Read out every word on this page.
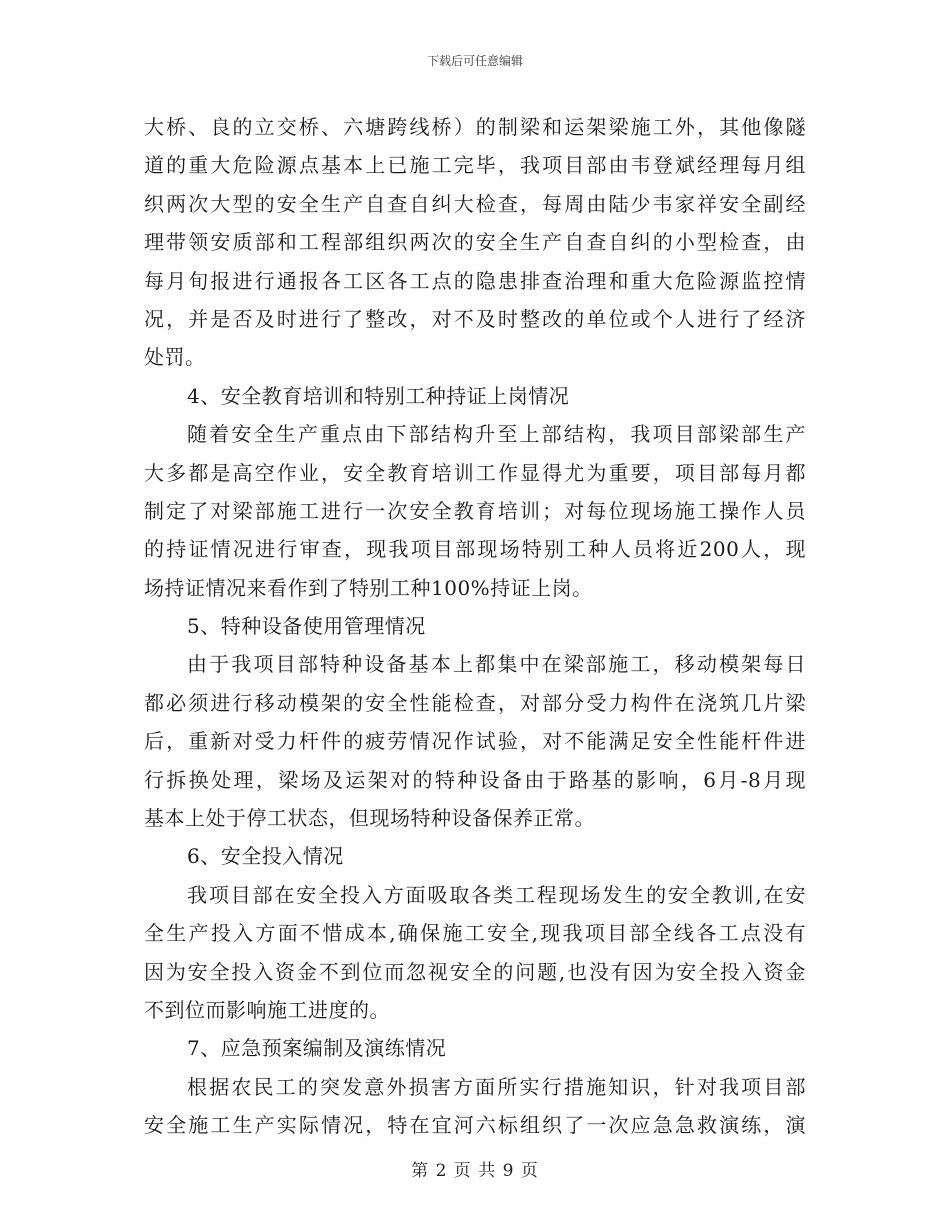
下载后可任意编辑
大桥、良的立交桥、六塘跨线桥）的制梁和运架梁施工外，其他像隧
道的重大危险源点基本上已施工完毕，我项目部由韦登斌经理每月组
织两次大型的安全生产自查自纠大检查，每周由陆少韦家祥安全副经
理带领安质部和工程部组织两次的安全生产自查自纠的小型检查，由
每月旬报进行通报各工区各工点的隐患排查治理和重大危险源监控情
况，并是否及时进行了整改，对不及时整改的单位或个人进行了经济
处罚。
4、安全教育培训和特别工种持证上岗情况
随着安全生产重点由下部结构升至上部结构，我项目部梁部生产
大多都是高空作业，安全教育培训工作显得尤为重要，项目部每月都
制定了对梁部施工进行一次安全教育培训；对每位现场施工操作人员
的持证情况进行审查，现我项目部现场特别工种人员将近200人，现
场持证情况来看作到了特别工种100%持证上岗。
5、特种设备使用管理情况
由于我项目部特种设备基本上都集中在梁部施工，移动模架每日
都必须进行移动模架的安全性能检查，对部分受力构件在浇筑几片梁
后，重新对受力杆件的疲劳情况作试验，对不能满足安全性能杆件进
行拆换处理，梁场及运架对的特种设备由于路基的影响，6月-8月现
基本上处于停工状态，但现场特种设备保养正常。
6、安全投入情况
我项目部在安全投入方面吸取各类工程现场发生的安全教训,在安
全生产投入方面不惜成本,确保施工安全,现我项目部全线各工点没有
因为安全投入资金不到位而忽视安全的问题,也没有因为安全投入资金
不到位而影响施工进度的。
7、应急预案编制及演练情况
根据农民工的突发意外损害方面所实行措施知识，针对我项目部
安全施工生产实际情况，特在宜河六标组织了一次应急急救演练，演
第 2 页 共 9 页
